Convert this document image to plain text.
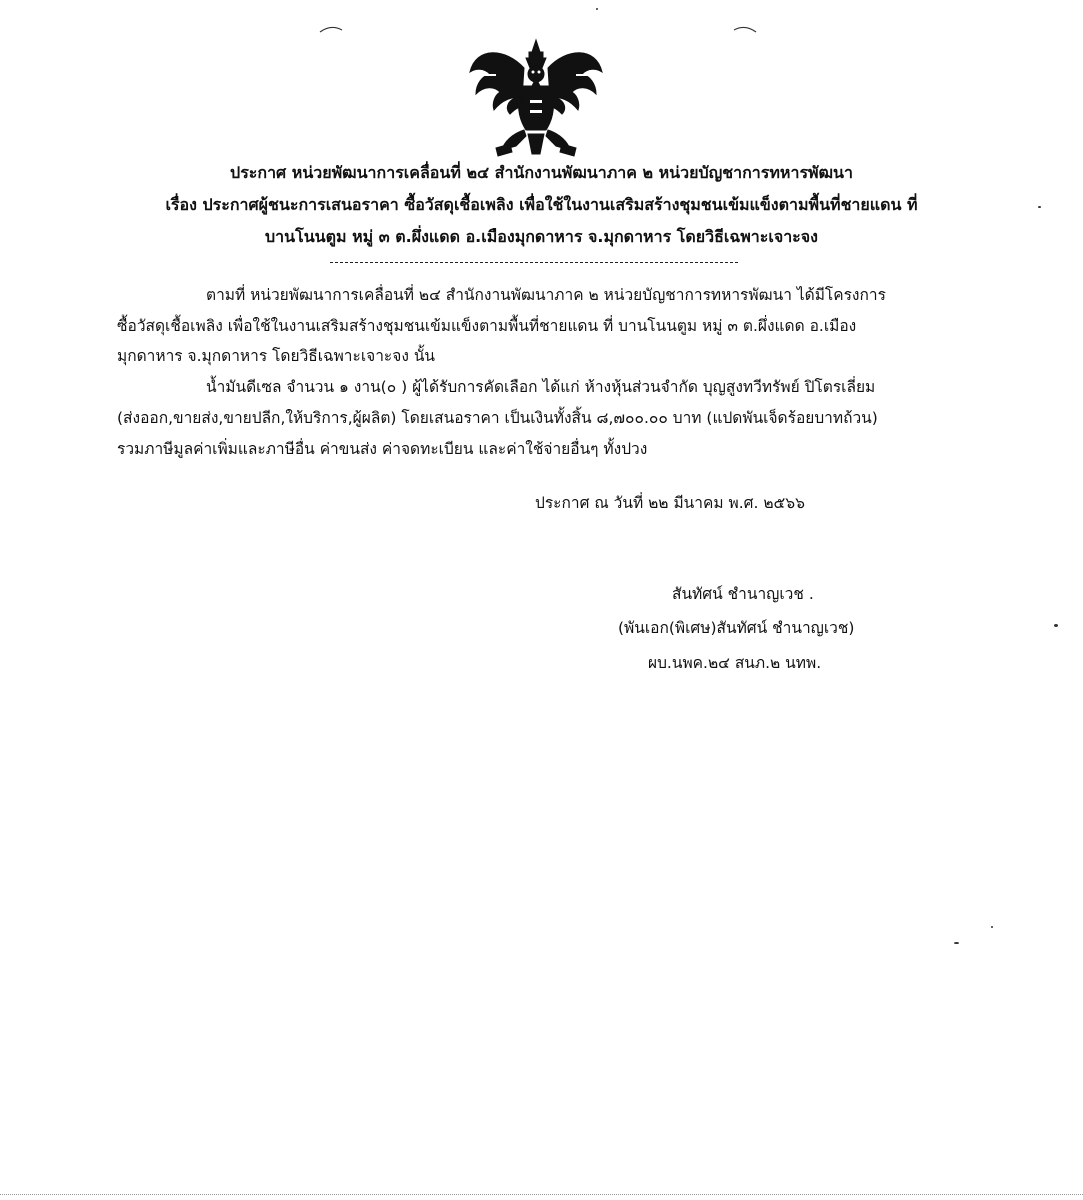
ประกาศ หน่วยพัฒนาการเคลื่อนที่ ๒๔ สำนักงานพัฒนาภาค ๒ หน่วยบัญชาการทหารพัฒนา
เรื่อง ประกาศผู้ชนะการเสนอราคา ซื้อวัสดุเชื้อเพลิง เพื่อใช้ในงานเสริมสร้างชุมชนเข้มแข็งตามพื้นที่ชายแดน ที่
บานโนนตูม หมู่ ๓ ต.ผึ่งแดด อ.เมืองมุกดาหาร จ.มุกดาหาร โดยวิธีเฉพาะเจาะจง
ตามที่ หน่วยพัฒนาการเคลื่อนที่ ๒๔ สำนักงานพัฒนาภาค ๒ หน่วยบัญชาการทหารพัฒนา ได้มีโครงการ
ซื้อวัสดุเชื้อเพลิง เพื่อใช้ในงานเสริมสร้างชุมชนเข้มแข็งตามพื้นที่ชายแดน ที่ บานโนนตูม หมู่ ๓ ต.ผึ่งแดด อ.เมือง
มุกดาหาร จ.มุกดาหาร โดยวิธีเฉพาะเจาะจง นั้น
น้ำมันดีเซล จำนวน ๑ งาน(๐ ) ผู้ได้รับการคัดเลือก ได้แก่ ห้างหุ้นส่วนจำกัด บุญสูงทวีทรัพย์ ปิโตรเลี่ยม
(ส่งออก,ขายส่ง,ขายปลีก,ให้บริการ,ผู้ผลิต) โดยเสนอราคา เป็นเงินทั้งสิ้น ๘,๗๐๐.๐๐ บาท (แปดพันเจ็ดร้อยบาทถ้วน)
รวมภาษีมูลค่าเพิ่มและภาษีอื่น ค่าขนส่ง ค่าจดทะเบียน และค่าใช้จ่ายอื่นๆ ทั้งปวง
ประกาศ ณ วันที่ ๒๒ มีนาคม พ.ศ. ๒๕๖๖
สันทัศน์ ชำนาญเวช .
(พันเอก(พิเศษ)สันทัศน์ ชำนาญเวช)
ผบ.นพค.๒๔ สนภ.๒ นทพ.
